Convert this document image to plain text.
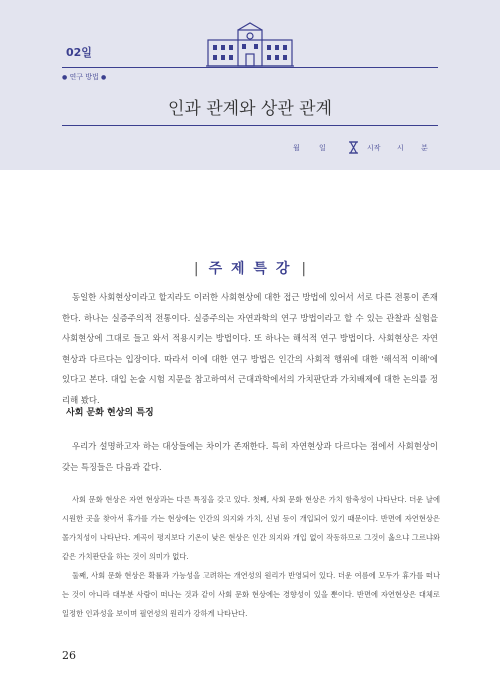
02일
● 연구 방법 ●
인과 관계와 상관 관계
월	일	시작 시 분
| 주 제 특 강 |

동일한 사회현상이라고 할지라도 이러한 사회현상에 대한 접근 방법에 있어서 서로 다른 전통이 존재한다. 하나는 실증주의적 전통이다. 실증주의는 자연과학의 연구 방법이라고 할 수 있는 관찰과 실험을 사회현상에 그대로 들고 와서 적용시키는 방법이다. 또 하나는 해석적 연구 방법이다. 사회현상은 자연현상과 다르다는 입장이다. 따라서 이에 대한 연구 방법은 인간의 사회적 행위에 대한 '해석적 이해'에 있다고 본다. 대입 논술 시험 지문을 참고하여서 근대과학에서의 가치판단과 가치배제에 대한 논의를 정리해 봤다.

사회 문화 현상의 특징

우리가 설명하고자 하는 대상들에는 차이가 존재한다. 특히 자연현상과 다르다는 점에서 사회현상이 갖는 특징들은 다음과 같다.

사회 문화 현상은 자연 현상과는 다른 특징을 갖고 있다. 첫째, 사회 문화 현상은 가치 함축성이 나타난다. 더운 날에 시원한 곳을 찾아서 휴가를 가는 현상에는 인간의 의지와 가치, 신념 등이 개입되어 있기 때문이다. 반면에 자연현상은 몰가치성이 나타난다. 계곡이 평지보다 기온이 낮은 현상은 인간 의지와 개입 없이 작동하므로 그것이 옳으냐 그르냐와 같은 가치판단을 하는 것이 의미가 없다.

둘째, 사회 문화 현상은 확률과 가능성을 고려하는 개연성의 원리가 반영되어 있다. 더운 여름에 모두가 휴가를 떠나는 것이 아니라 대부분 사람이 떠나는 것과 같이 사회 문화 현상에는 경향성이 있을 뿐이다. 반면에 자연현상은 대체로 일정한 인과성을 보이며 필연성의 원리가 강하게 나타난다.

26
